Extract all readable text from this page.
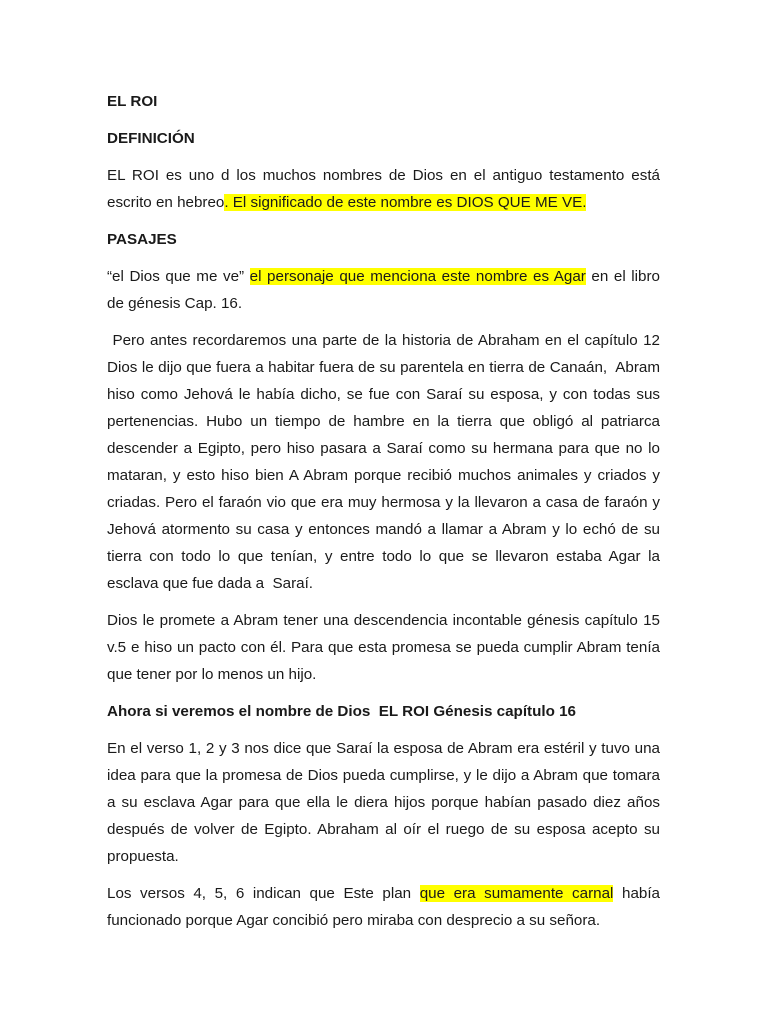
EL ROI

DEFINICIÓN

EL ROI es uno d los muchos nombres de Dios en el antiguo testamento está escrito en hebreo. El significado de este nombre es DIOS QUE ME VE.

PASAJES

“el Dios que me ve” el personaje que menciona este nombre es Agar en el libro de génesis Cap. 16.

Pero antes recordaremos una parte de la historia de Abraham en el capítulo 12 Dios le dijo que fuera a habitar fuera de su parentela en tierra de Canaán,  Abram hiso como Jehová le había dicho, se fue con Saraí su esposa, y con todas sus pertenencias. Hubo un tiempo de hambre en la tierra que obligó al patriarca descender a Egipto, pero hiso pasara a Saraí como su hermana para que no lo mataran, y esto hiso bien A Abram porque recibió muchos animales y criados y criadas. Pero el faraón vio que era muy hermosa y la llevaron a casa de faraón y Jehová atormento su casa y entonces mandó a llamar a Abram y lo echó de su tierra con todo lo que tenían, y entre todo lo que se llevaron estaba Agar la esclava que fue dada a  Saraí.

Dios le promete a Abram tener una descendencia incontable génesis capítulo 15 v.5 e hiso un pacto con él. Para que esta promesa se pueda cumplir Abram tenía que tener por lo menos un hijo.

Ahora si veremos el nombre de Dios  EL ROI Génesis capítulo 16

En el verso 1, 2 y 3 nos dice que Saraí la esposa de Abram era estéril y tuvo una idea para que la promesa de Dios pueda cumplirse, y le dijo a Abram que tomara a su esclava Agar para que ella le diera hijos porque habían pasado diez años después de volver de Egipto. Abraham al oír el ruego de su esposa acepto su propuesta.

Los versos 4, 5, 6 indican que Este plan que era sumamente carnal había funcionado porque Agar concibió pero miraba con desprecio a su señora.
